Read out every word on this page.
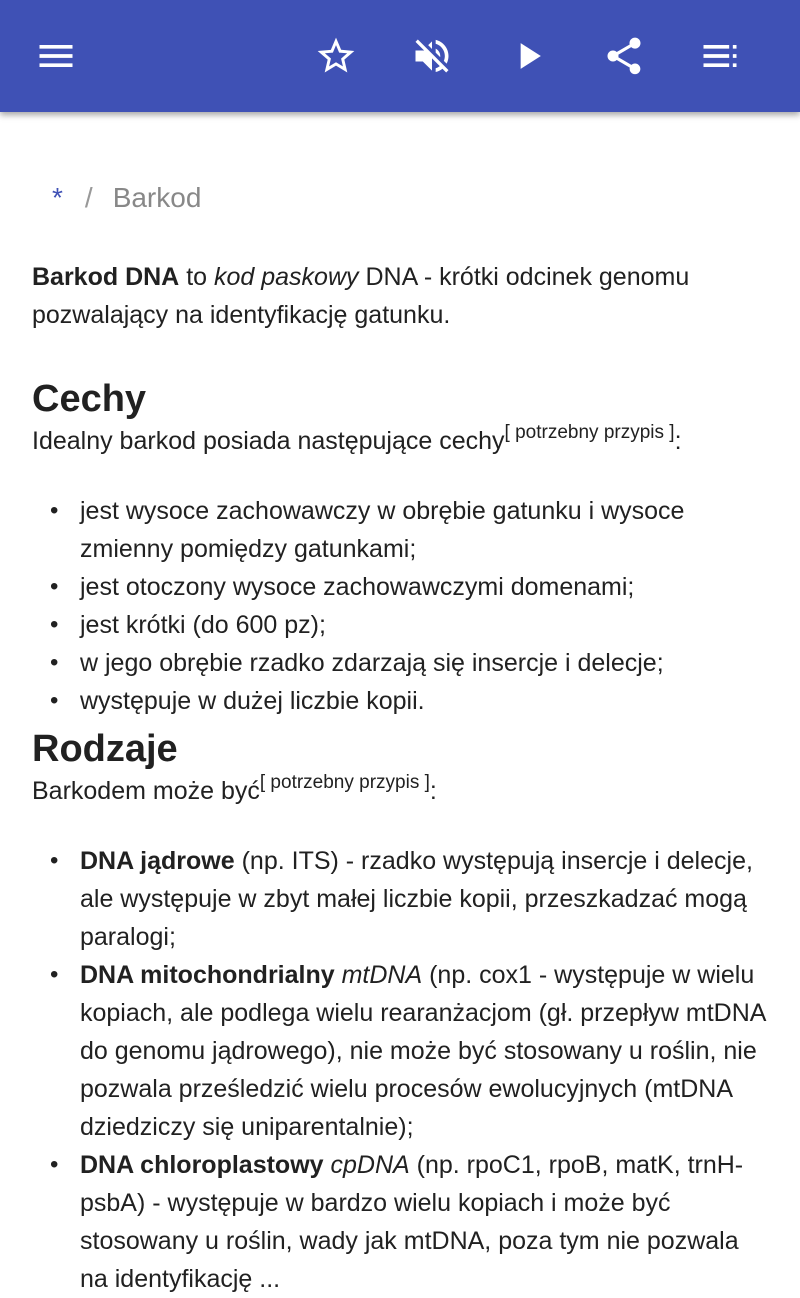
* / Barkod

Barkod DNA to kod paskowy DNA - krótki odcinek genomu pozwalający na identyfikację gatunku.

Cechy

Idealny barkod posiada następujące cechy[ potrzebny przypis ]:

• jest wysoce zachowawczy w obrębie gatunku i wysoce zmienny pomiędzy gatunkami;
• jest otoczony wysoce zachowawczymi domenami;
• jest krótki (do 600 pz);
• w jego obrębie rzadko zdarzają się insercje i delecje;
• występuje w dużej liczbie kopii.
Rodzaje

Barkodem może być[ potrzebny przypis ]:

• DNA jądrowe (np. ITS) - rzadko występują insercje i delecje, ale występuje w zbyt małej liczbie kopii, przeszkadzać mogą paralogi;
• DNA mitochondrialny mtDNA (np. cox1 - występuje w wielu kopiach, ale podlega wielu rearanżacjom (gł. przepływ mtDNA do genomu jądrowego), nie może być stosowany u roślin, nie pozwala prześledzić wielu procesów ewolucyjnych (mtDNA dziedziczy się uniparentalnie);
• DNA chloroplastowy cpDNA (np. rpoC1, rpoB, matK, trnH-psbA) - występuje w bardzo wielu kopiach i może być stosowany u roślin, wady jak mtDNA, poza tym nie pozwala na identyfikację ...
